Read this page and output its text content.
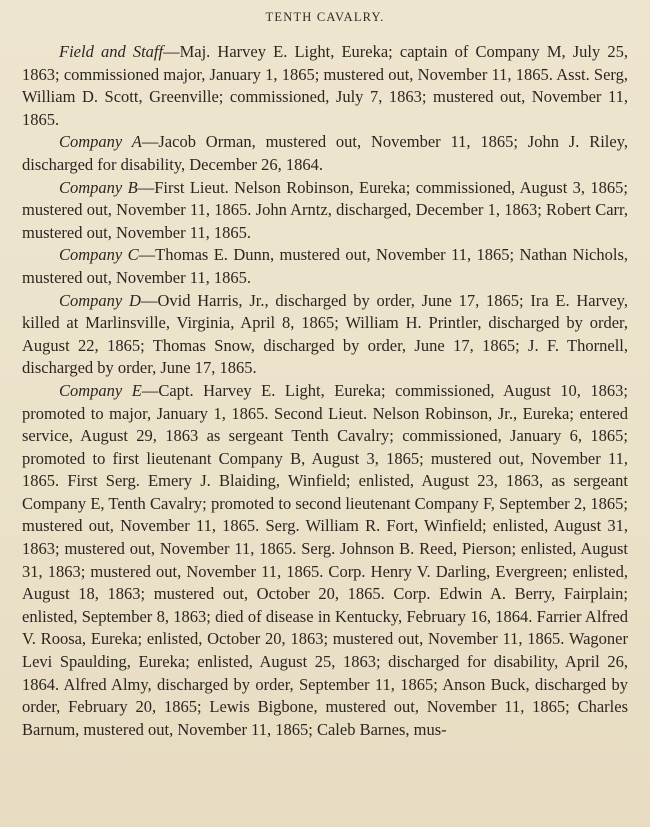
TENTH CAVALRY.

Field and Staff—Maj. Harvey E. Light, Eureka; captain of Company M, July 25, 1863; commissioned major, January 1, 1865; mustered out, November 11, 1865. Asst. Serg, William D. Scott, Greenville; commissioned, July 7, 1863; mustered out, November 11, 1865.

Company A—Jacob Orman, mustered out, November 11, 1865; John J. Riley, discharged for disability, December 26, 1864.

Company B—First Lieut. Nelson Robinson, Eureka; commissioned, August 3, 1865; mustered out, November 11, 1865. John Arntz, discharged, December 1, 1863; Robert Carr, mustered out, November 11, 1865.

Company C—Thomas E. Dunn, mustered out, November 11, 1865; Nathan Nichols, mustered out, November 11, 1865.

Company D—Ovid Harris, Jr., discharged by order, June 17, 1865; Ira E. Harvey, killed at Marlinsville, Virginia, April 8, 1865; William H. Printler, discharged by order, August 22, 1865; Thomas Snow, discharged by order, June 17, 1865; J. F. Thornell, discharged by order, June 17, 1865.

Company E—Capt. Harvey E. Light, Eureka; commissioned, August 10, 1863; promoted to major, January 1, 1865. Second Lieut. Nelson Robinson, Jr., Eureka; entered service, August 29, 1863 as sergeant Tenth Cavalry; commissioned, January 6, 1865; promoted to first lieutenant Company B, August 3, 1865; mustered out, November 11, 1865. First Serg. Emery J. Blaiding, Winfield; enlisted, August 23, 1863, as sergeant Company E, Tenth Cavalry; promoted to second lieutenant Company F, September 2, 1865; mustered out, November 11, 1865. Serg. William R. Fort, Winfield; enlisted, August 31, 1863; mustered out, November 11, 1865. Serg. Johnson B. Reed, Pierson; enlisted, August 31, 1863; mustered out, November 11, 1865. Corp. Henry V. Darling, Evergreen; enlisted, August 18, 1863; mustered out, October 20, 1865. Corp. Edwin A. Berry, Fairplain; enlisted, September 8, 1863; died of disease in Kentucky, February 16, 1864. Farrier Alfred V. Roosa, Eureka; enlisted, October 20, 1863; mustered out, November 11, 1865. Wagoner Levi Spaulding, Eureka; enlisted, August 25, 1863; discharged for disability, April 26, 1864. Alfred Almy, discharged by order, September 11, 1865; Anson Buck, discharged by order, February 20, 1865; Lewis Bigbone, mustered out, November 11, 1865; Charles Barnum, mustered out, November 11, 1865; Caleb Barnes, mus-
